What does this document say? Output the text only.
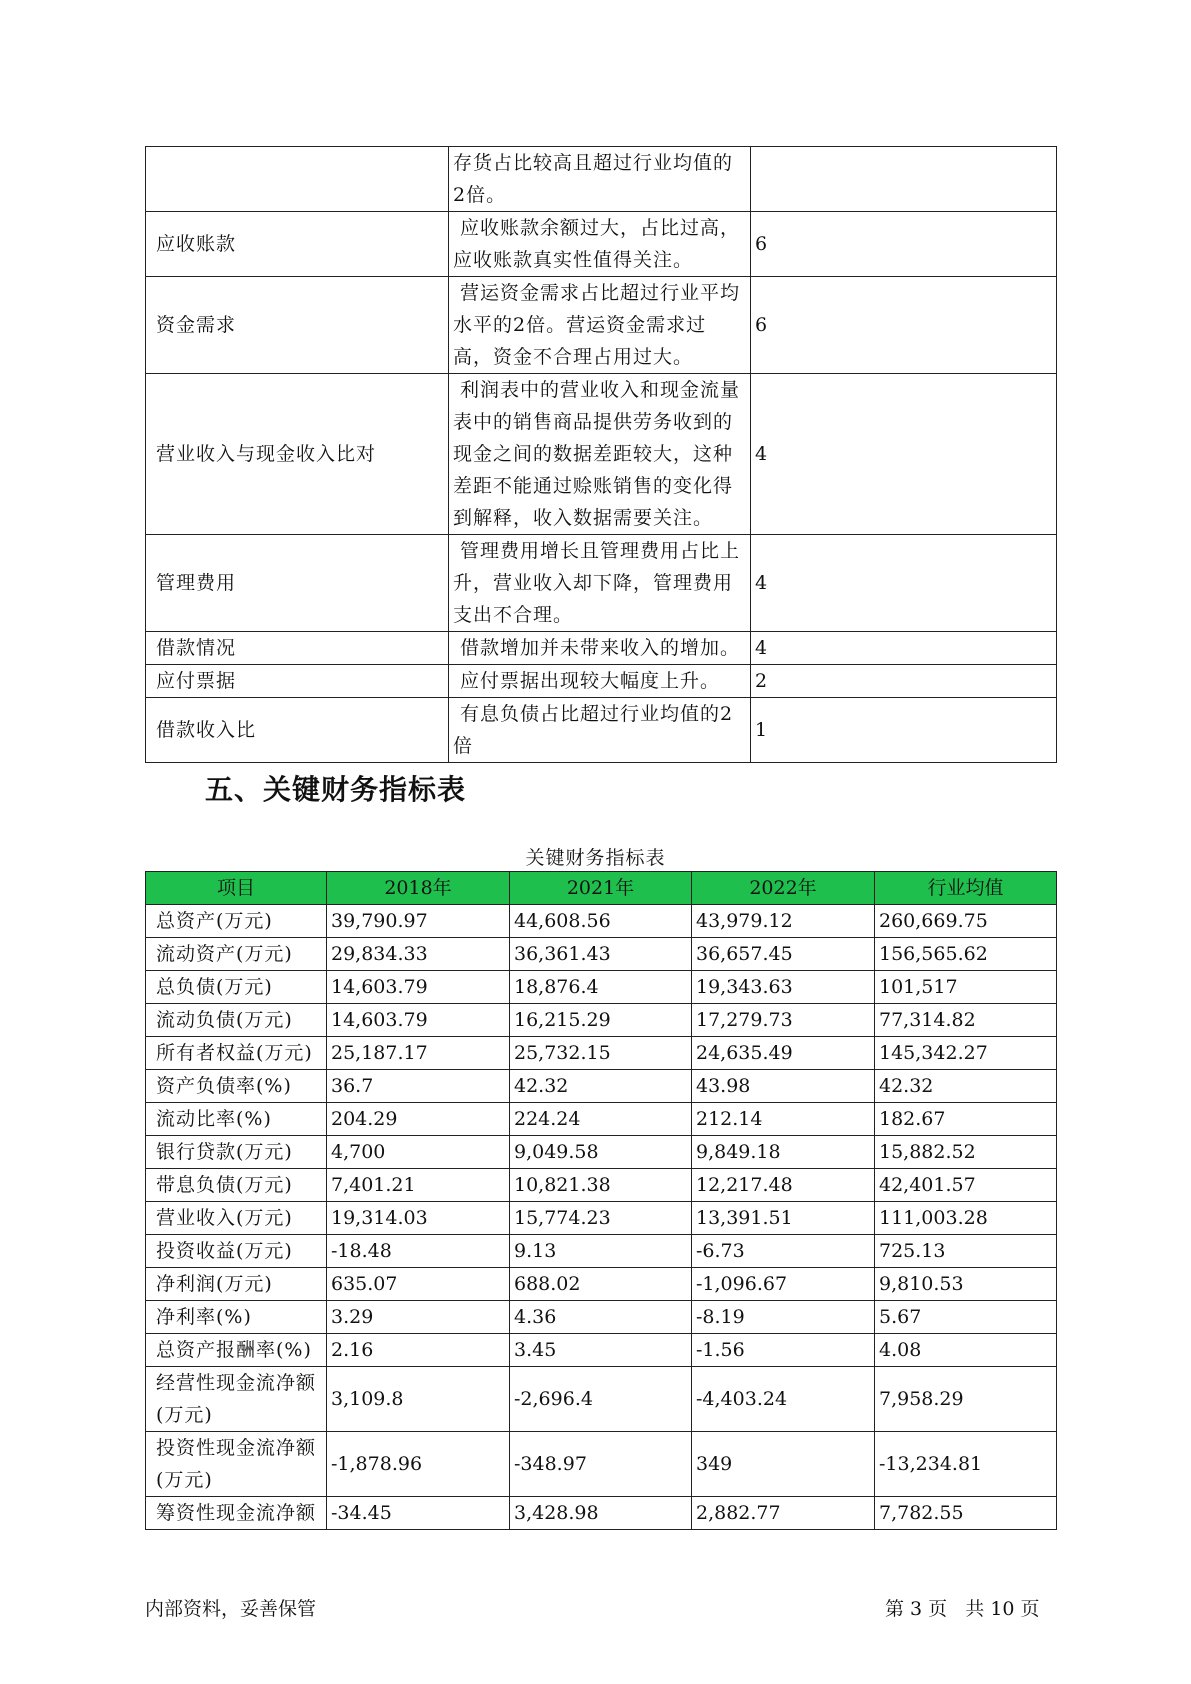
	存货占比较高且超过行业均值的2倍。	
应收账款	应收账款余额过大，占比过高，应收账款真实性值得关注。	6
资金需求	营运资金需求占比超过行业平均水平的2倍。营运资金需求过高，资金不合理占用过大。	6
营业收入与现金收入比对	利润表中的营业收入和现金流量表中的销售商品提供劳务收到的现金之间的数据差距较大，这种差距不能通过赊账销售的变化得到解释，收入数据需要关注。	4
管理费用	管理费用增长且管理费用占比上升，营业收入却下降，管理费用支出不合理。	4
借款情况	借款增加并未带来收入的增加。	4
应付票据	应付票据出现较大幅度上升。	2
借款收入比	有息负债占比超过行业均值的2倍	1
五、关键财务指标表
关键财务指标表
项目	2018年	2021年	2022年	行业均值
总资产(万元)	39,790.97	44,608.56	43,979.12	260,669.75
流动资产(万元)	29,834.33	36,361.43	36,657.45	156,565.62
总负债(万元)	14,603.79	18,876.4	19,343.63	101,517
流动负债(万元)	14,603.79	16,215.29	17,279.73	77,314.82
所有者权益(万元)	25,187.17	25,732.15	24,635.49	145,342.27
资产负债率(%)	36.7	42.32	43.98	42.32
流动比率(%)	204.29	224.24	212.14	182.67
银行贷款(万元)	4,700	9,049.58	9,849.18	15,882.52
带息负债(万元)	7,401.21	10,821.38	12,217.48	42,401.57
营业收入(万元)	19,314.03	15,774.23	13,391.51	111,003.28
投资收益(万元)	-18.48	9.13	-6.73	725.13
净利润(万元)	635.07	688.02	-1,096.67	9,810.53
净利率(%)	3.29	4.36	-8.19	5.67
总资产报酬率(%)	2.16	3.45	-1.56	4.08
经营性现金流净额(万元)	3,109.8	-2,696.4	-4,403.24	7,958.29
投资性现金流净额(万元)	-1,878.96	-348.97	349	-13,234.81
筹资性现金流净额	-34.45	3,428.98	2,882.77	7,782.55
内部资料，妥善保管	第 3 页   共 10 页
